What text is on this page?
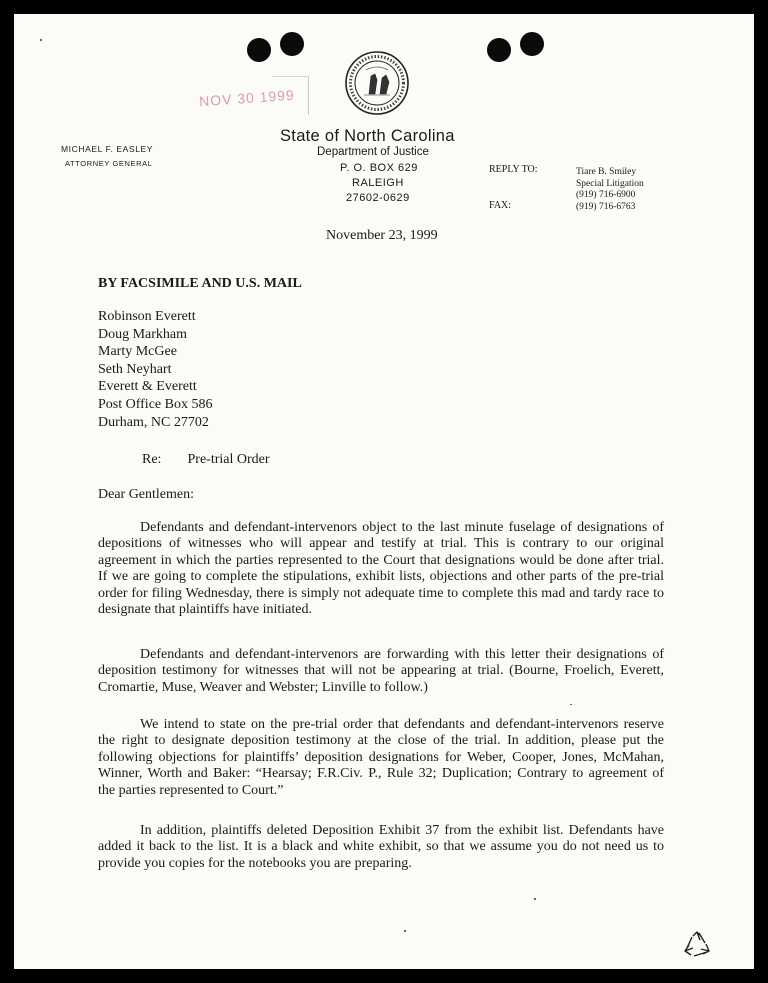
NOV 30 1999
State of North Carolina
Department of Justice
P. O. BOX 629
RALEIGH
27602-0629
MICHAEL F. EASLEY
ATTORNEY GENERAL
REPLY TO:
FAX:
Tiare B. Smiley
Special Litigation
(919) 716-6900
(919) 716-6763
November 23, 1999
BY FACSIMILE AND U.S. MAIL
Robinson Everett
Doug Markham
Marty McGee
Seth Neyhart
Everett & Everett
Post Office Box 586
Durham, NC 27702
Re: Pre-trial Order
Dear Gentlemen:
Defendants and defendant-intervenors object to the last minute fuselage of designations of
depositions of witnesses who will appear and testify at trial. This is contrary to our original
agreement in which the parties represented to the Court that designations would be done after trial.
If we are going to complete the stipulations, exhibit lists, objections and other parts of the pre-trial
order for filing Wednesday, there is simply not adequate time to complete this mad and tardy race to
designate that plaintiffs have initiated.
Defendants and defendant-intervenors are forwarding with this letter their designations of
deposition testimony for witnesses that will not be appearing at trial. (Bourne, Froelich, Everett,
Cromartie, Muse, Weaver and Webster; Linville to follow.)
We intend to state on the pre-trial order that defendants and defendant-intervenors reserve
the right to designate deposition testimony at the close of the trial. In addition, please put the
following objections for plaintiffs’ deposition designations for Weber, Cooper, Jones, McMahan,
Winner, Worth and Baker: “Hearsay; F.R.Civ. P., Rule 32; Duplication; Contrary to agreement of
the parties represented to Court.”
In addition, plaintiffs deleted Deposition Exhibit 37 from the exhibit list. Defendants have
added it back to the list. It is a black and white exhibit, so that we assume you do not need us to
provide you copies for the notebooks you are preparing.
